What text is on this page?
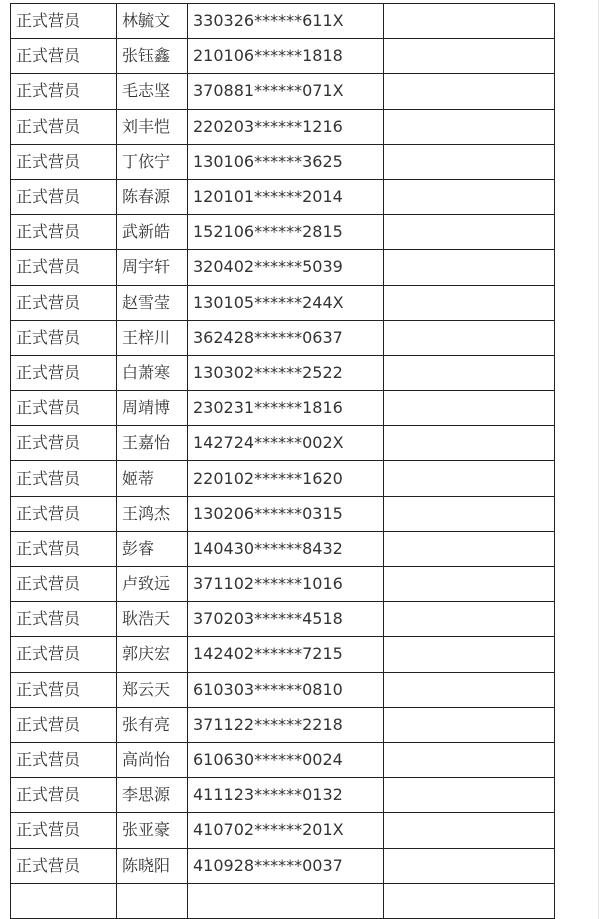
正式营员	林毓文	330326******611X	
正式营员	张钰鑫	210106******1818	
正式营员	毛志坚	370881******071X	
正式营员	刘丰恺	220203******1216	
正式营员	丁依宁	130106******3625	
正式营员	陈春源	120101******2014	
正式营员	武新皓	152106******2815	
正式营员	周宇轩	320402******5039	
正式营员	赵雪莹	130105******244X	
正式营员	王梓川	362428******0637	
正式营员	白萧寒	130302******2522	
正式营员	周靖博	230231******1816	
正式营员	王嘉怡	142724******002X	
正式营员	姬蒂	220102******1620	
正式营员	王鸿杰	130206******0315	
正式营员	彭睿	140430******8432	
正式营员	卢致远	371102******1016	
正式营员	耿浩天	370203******4518	
正式营员	郭庆宏	142402******7215	
正式营员	郑云天	610303******0810	
正式营员	张有亮	371122******2218	
正式营员	高尚怡	610630******0024	
正式营员	李思源	411123******0132	
正式营员	张亚豪	410702******201X	
正式营员	陈晓阳	410928******0037	
